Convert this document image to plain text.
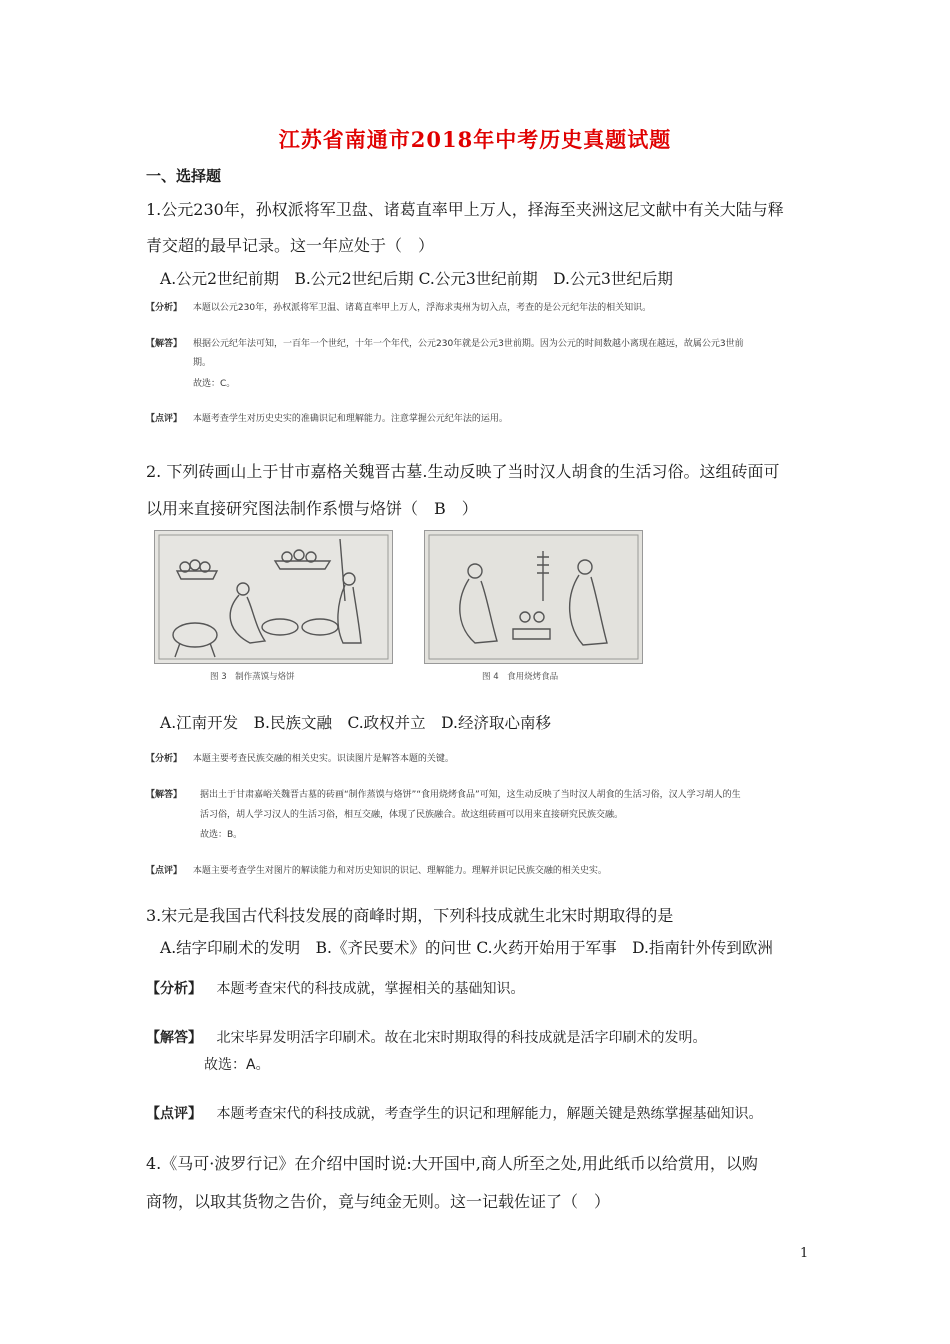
江苏省南通市2018年中考历史真题试题
一、选择题
1.公元230年，孙权派将军卫盘、诸葛直率甲上万人，择海至夹洲这尼文献中有关大陆与释
青交超的最早记录。这一年应处于（　）
A.公元2世纪前期　B.公元2世纪后期 C.公元3世纪前期　D.公元3世纪后期
【分析】 本题以公元230年，孙权派将军卫温、诸葛直率甲上万人，浮海求夷州为切入点，考查的是公元纪年法的相关知识。
【解答】 根据公元纪年法可知，一百年一个世纪，十年一个年代，公元230年就是公元3世前期。因为公元的时间数越小离现在越远，故属公元3世前
期。
故选：C。
【点评】 本题考查学生对历史史实的准确识记和理解能力。注意掌握公元纪年法的运用。
2. 下列砖画山上于甘市嘉格关魏晋古墓.生动反映了当时汉人胡食的生活习俗。这组砖面可
以用来直接研究图法制作系惯与烙饼（　B　）
图 3　制作蒸馍与烙饼	图 4　食用烧烤食品
A.江南开发　B.民族文融　C.政权并立　D.经济取心南移
【分析】 本题主要考查民族交融的相关史实。识读图片是解答本题的关键。
【解答】 据出土于甘肃嘉峪关魏晋古墓的砖画“制作蒸馍与烙饼”“食用烧烤食品”可知，这生动反映了当时汉人胡食的生活习俗，汉人学习胡人的生
活习俗，胡人学习汉人的生活习俗，相互交融，体现了民族融合。故这组砖画可以用来直接研究民族交融。
故选：B。
【点评】 本题主要考查学生对图片的解读能力和对历史知识的识记、理解能力。理解并识记民族交融的相关史实。
3.宋元是我国古代科技发展的商峰时期，下列科技成就生北宋时期取得的是
A.结字印刷术的发明　B.《齐民要术》的问世 C.火药开始用于军事　D.指南针外传到欧洲
【分析】 本题考查宋代的科技成就，掌握相关的基础知识。
【解答】 北宋毕昇发明活字印刷术。故在北宋时期取得的科技成就是活字印刷术的发明。
故选：A。
【点评】 本题考查宋代的科技成就，考查学生的识记和理解能力，解题关键是熟练掌握基础知识。
4.《马可·波罗行记》在介绍中国时说:大开国中,商人所至之处,用此纸币以给赏用，以购
商物，以取其货物之告价，竟与纯金无则。这一记载佐证了（　）
1
